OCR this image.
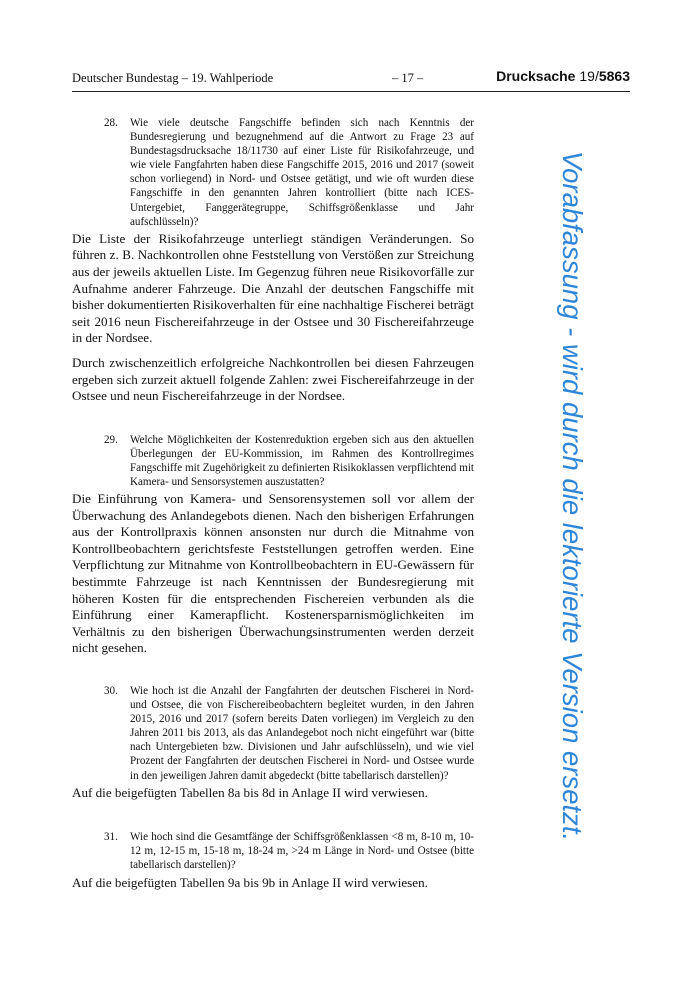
Deutscher Bundestag – 19. Wahlperiode	– 17 –	Drucksache 19/5863

28. Wie viele deutsche Fangschiffe befinden sich nach Kenntnis der Bundesregierung und bezugnehmend auf die Antwort zu Frage 23 auf Bundestagsdrucksache 18/11730 auf einer Liste für Risikofahrzeuge, und wie viele Fangfahrten haben diese Fangschiffe 2015, 2016 und 2017 (soweit schon vorliegend) in Nord- und Ostsee getätigt, und wie oft wurden diese Fangschiffe in den genannten Jahren kontrolliert (bitte nach ICES-Untergebiet, Fanggerätegruppe, Schiffsgrößenklasse und Jahr aufschlüsseln)?

Die Liste der Risikofahrzeuge unterliegt ständigen Veränderungen. So führen z. B. Nachkontrollen ohne Feststellung von Verstößen zur Streichung aus der jeweils aktuellen Liste. Im Gegenzug führen neue Risikovorfälle zur Aufnahme anderer Fahrzeuge. Die Anzahl der deutschen Fangschiffe mit bisher dokumentierten Risikoverhalten für eine nachhaltige Fischerei beträgt seit 2016 neun Fischereifahrzeuge in der Ostsee und 30 Fischereifahrzeuge in der Nordsee.

Durch zwischenzeitlich erfolgreiche Nachkontrollen bei diesen Fahrzeugen ergeben sich zurzeit aktuell folgende Zahlen: zwei Fischereifahrzeuge in der Ostsee und neun Fischereifahrzeuge in der Nordsee.

29. Welche Möglichkeiten der Kostenreduktion ergeben sich aus den aktuellen Überlegungen der EU-Kommission, im Rahmen des Kontrollregimes Fangschiffe mit Zugehörigkeit zu definierten Risikoklassen verpflichtend mit Kamera- und Sensorsystemen auszustatten?

Die Einführung von Kamera- und Sensorensystemen soll vor allem der Überwachung des Anlandegebots dienen. Nach den bisherigen Erfahrungen aus der Kontrollpraxis können ansonsten nur durch die Mitnahme von Kontrollbeobachtern gerichtsfeste Feststellungen getroffen werden. Eine Verpflichtung zur Mitnahme von Kontrollbeobachtern in EU-Gewässern für bestimmte Fahrzeuge ist nach Kenntnissen der Bundesregierung mit höheren Kosten für die entsprechenden Fischereien verbunden als die Einführung einer Kamerapflicht. Kostenersparnismöglichkeiten im Verhältnis zu den bisherigen Überwachungsinstrumenten werden derzeit nicht gesehen.

30. Wie hoch ist die Anzahl der Fangfahrten der deutschen Fischerei in Nord- und Ostsee, die von Fischereibeobachtern begleitet wurden, in den Jahren 2015, 2016 und 2017 (sofern bereits Daten vorliegen) im Vergleich zu den Jahren 2011 bis 2013, als das Anlandegebot noch nicht eingeführt war (bitte nach Untergebieten bzw. Divisionen und Jahr aufschlüsseln), und wie viel Prozent der Fangfahrten der deutschen Fischerei in Nord- und Ostsee wurde in den jeweiligen Jahren damit abgedeckt (bitte tabellarisch darstellen)?

Auf die beigefügten Tabellen 8a bis 8d in Anlage II wird verwiesen.

31. Wie hoch sind die Gesamtfänge der Schiffsgrößenklassen <8 m, 8-10 m, 10-12 m, 12-15 m, 15-18 m, 18-24 m, >24 m Länge in Nord- und Ostsee (bitte tabellarisch darstellen)?

Auf die beigefügten Tabellen 9a bis 9b in Anlage II wird verwiesen.

Vorabfassung - wird durch die lektorierte Version ersetzt.
